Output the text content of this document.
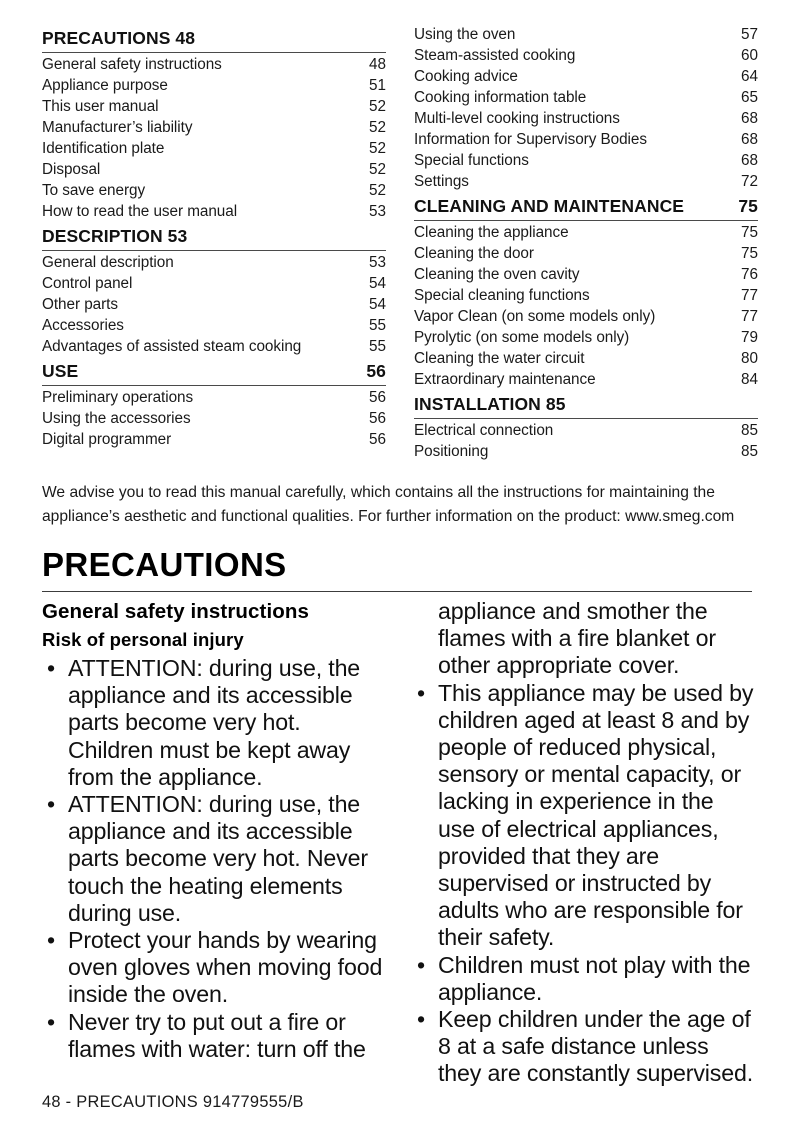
PRECAUTIONS 48
General safety instructions	48
Appliance purpose	51
This user manual	52
Manufacturer’s liability	52
Identification plate	52
Disposal	52
To save energy	52
How to read the user manual	53
DESCRIPTION 53
General description	53
Control panel	54
Other parts	54
Accessories	55
Advantages of assisted steam cooking	55
USE	56
Preliminary operations	56
Using the accessories	56
Digital programmer	56
Using the oven	57
Steam-assisted cooking	60
Cooking advice	64
Cooking information table	65
Multi-level cooking instructions	68
Information for Supervisory Bodies	68
Special functions	68
Settings	72
CLEANING AND MAINTENANCE	75
Cleaning the appliance	75
Cleaning the door	75
Cleaning the oven cavity	76
Special cleaning functions	77
Vapor Clean (on some models only)	77
Pyrolytic (on some models only)	79
Cleaning the water circuit	80
Extraordinary maintenance	84
INSTALLATION 85
Electrical connection	85
Positioning	85
We advise you to read this manual carefully, which contains all the instructions for maintaining the appliance’s aesthetic and functional qualities. For further information on the product: www.smeg.com
PRECAUTIONS
General safety instructions
Risk of personal injury
• ATTENTION: during use, the appliance and its accessible parts become very hot. Children must be kept away from the appliance.
• ATTENTION: during use, the appliance and its accessible parts become very hot. Never touch the heating elements during use.
• Protect your hands by wearing oven gloves when moving food inside the oven.
• Never try to put out a fire or flames with water: turn off the

appliance and smother the flames with a fire blanket or other appropriate cover.

• This appliance may be used by children aged at least 8 and by people of reduced physical, sensory or mental capacity, or lacking in experience in the use of electrical appliances, provided that they are supervised or instructed by adults who are responsible for their safety.
• Children must not play with the appliance.
• Keep children under the age of 8 at a safe distance unless they are constantly supervised.
48 - PRECAUTIONS 914779555/B
